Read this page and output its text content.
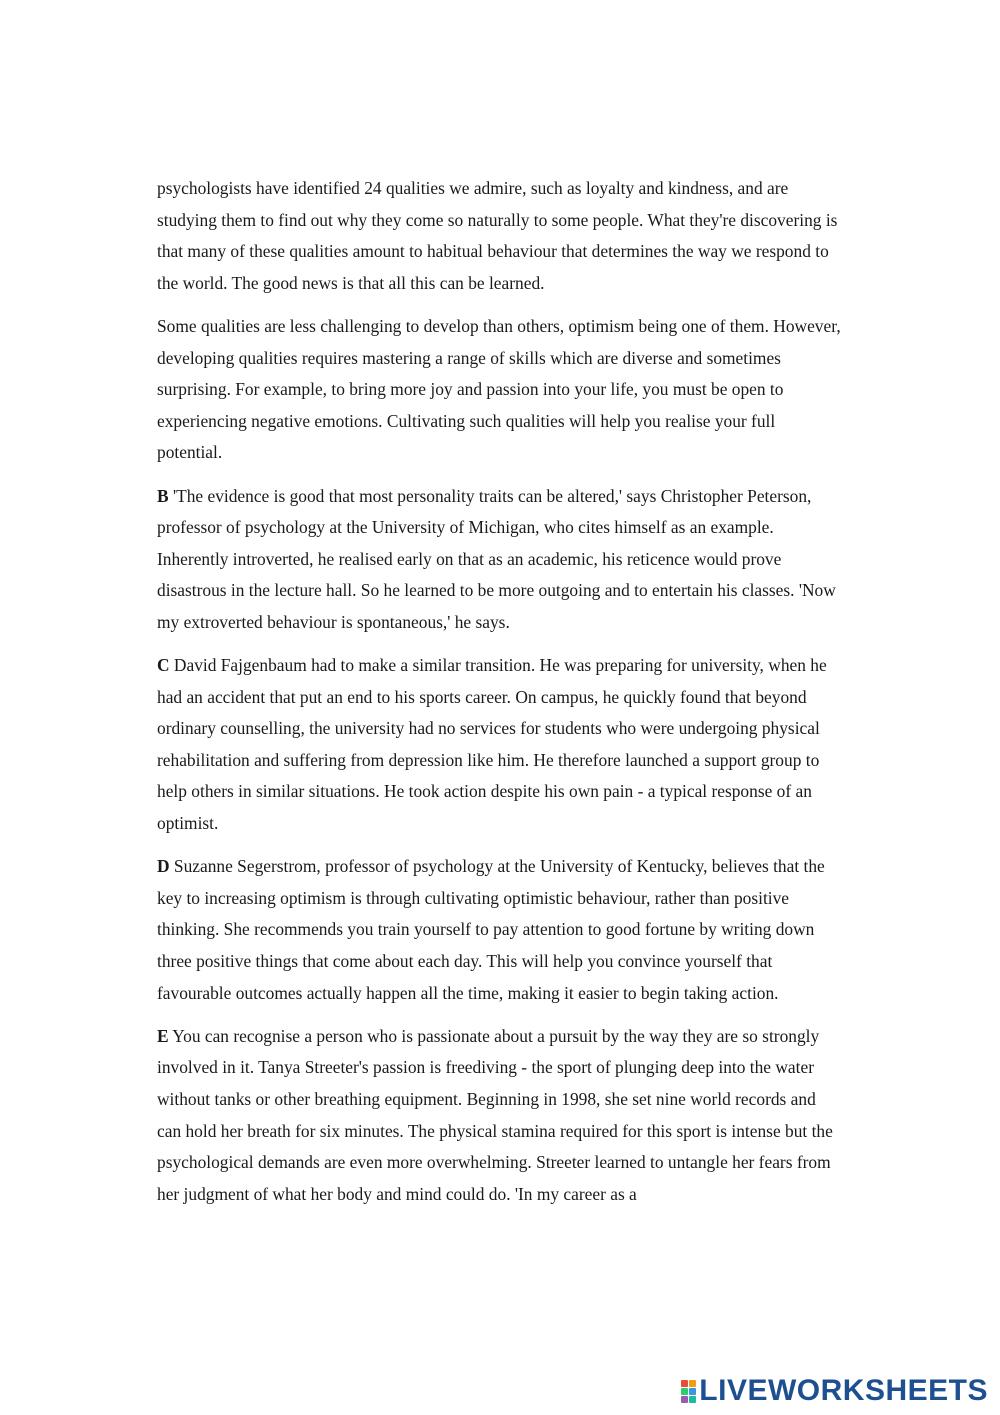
psychologists have identified 24 qualities we admire, such as loyalty and kindness, and are studying them to find out why they come so naturally to some people. What they're discovering is that many of these qualities amount to habitual behaviour that determines the way we respond to the world. The good news is that all this can be learned.

Some qualities are less challenging to develop than others, optimism being one of them. However, developing qualities requires mastering a range of skills which are diverse and sometimes surprising. For example, to bring more joy and passion into your life, you must be open to experiencing negative emotions. Cultivating such qualities will help you realise your full potential.

B 'The evidence is good that most personality traits can be altered,' says Christopher Peterson, professor of psychology at the University of Michigan, who cites himself as an example. Inherently introverted, he realised early on that as an academic, his reticence would prove disastrous in the lecture hall. So he learned to be more outgoing and to entertain his classes. 'Now my extroverted behaviour is spontaneous,' he says.

C David Fajgenbaum had to make a similar transition. He was preparing for university, when he had an accident that put an end to his sports career. On campus, he quickly found that beyond ordinary counselling, the university had no services for students who were undergoing physical rehabilitation and suffering from depression like him. He therefore launched a support group to help others in similar situations. He took action despite his own pain - a typical response of an optimist.

D Suzanne Segerstrom, professor of psychology at the University of Kentucky, believes that the key to increasing optimism is through cultivating optimistic behaviour, rather than positive thinking. She recommends you train yourself to pay attention to good fortune by writing down three positive things that come about each day. This will help you convince yourself that favourable outcomes actually happen all the time, making it easier to begin taking action.

E You can recognise a person who is passionate about a pursuit by the way they are so strongly involved in it. Tanya Streeter's passion is freediving - the sport of plunging deep into the water without tanks or other breathing equipment. Beginning in 1998, she set nine world records and can hold her breath for six minutes. The physical stamina required for this sport is intense but the psychological demands are even more overwhelming. Streeter learned to untangle her fears from her judgment of what her body and mind could do. 'In my career as a

LIVEWORKSHEETS
